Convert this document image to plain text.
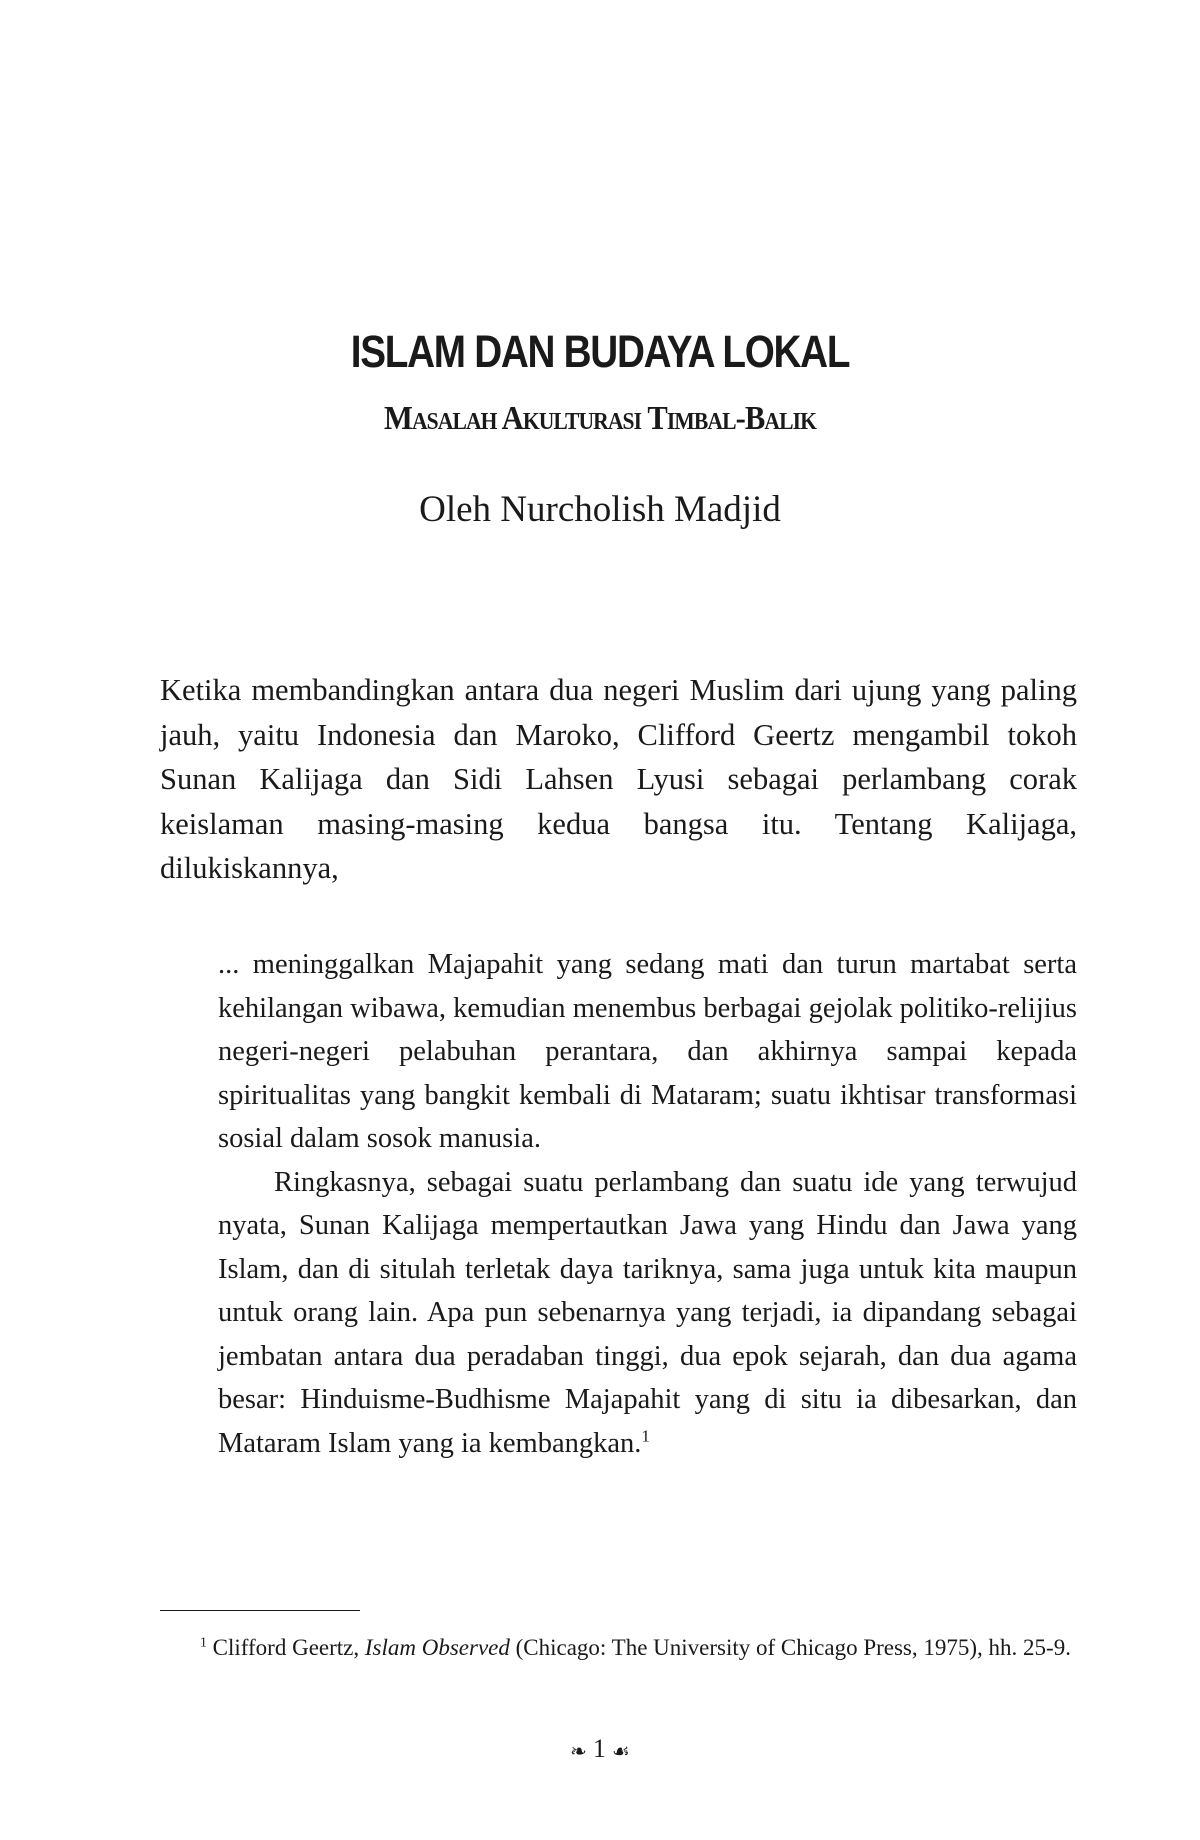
ISLAM DAN BUDAYA LOKAL
Masalah Akulturasi Timbal-Balik
Oleh Nurcholish Madjid

Ketika membandingkan antara dua negeri Muslim dari ujung yang paling jauh, yaitu Indonesia dan Maroko, Clifford Geertz mengambil tokoh Sunan Kalijaga dan Sidi Lahsen Lyusi sebagai perlambang corak keislaman masing-masing kedua bangsa itu. Tentang Kalijaga, dilukiskannya,

... meninggalkan Majapahit yang sedang mati dan turun martabat serta kehilangan wibawa, kemudian menembus berbagai gejolak politiko-relijius negeri-negeri pelabuhan perantara, dan akhirnya sampai kepada spiritualitas yang bangkit kembali di Mataram; suatu ikhtisar transformasi sosial dalam sosok manusia.

Ringkasnya, sebagai suatu perlambang dan suatu ide yang terwujud nyata, Sunan Kalijaga mempertautkan Jawa yang Hindu dan Jawa yang Islam, dan di situlah terletak daya tariknya, sama juga untuk kita maupun untuk orang lain. Apa pun sebenarnya yang terjadi, ia dipandang sebagai jembatan antara dua peradaban tinggi, dua epok sejarah, dan dua agama besar: Hinduisme-Budhisme Majapahit yang di situ ia dibesarkan, dan Mataram Islam yang ia kembangkan.$^1$

$^1$ Clifford Geertz, Islam Observed (Chicago: The University of Chicago Press, 1975), hh. 25-9.

❧ 1 ☙
